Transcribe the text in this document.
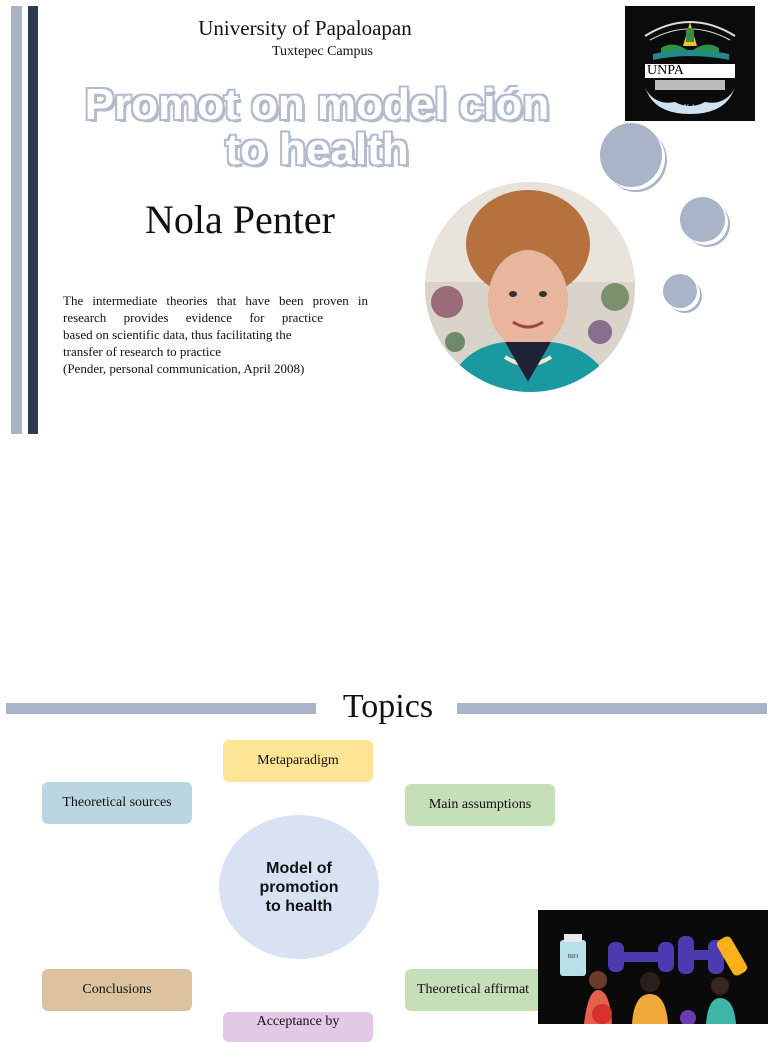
University of Papaloapan
Tuxtepec Campus
UNPA
OAXACA
Promot on model ción
to health
Nola Penter
The intermediate theories that have been proven in
research provides evidence for practice
based on scientific data, thus facilitating the
transfer of research to practice
(Pender, personal communication, April 2008)
Topics
Metaparadigm
Theoretical sources	Main assumptions
Conclusions	Theoretical affirmat
Acceptance by
Model of
promotion
to health
BIO
